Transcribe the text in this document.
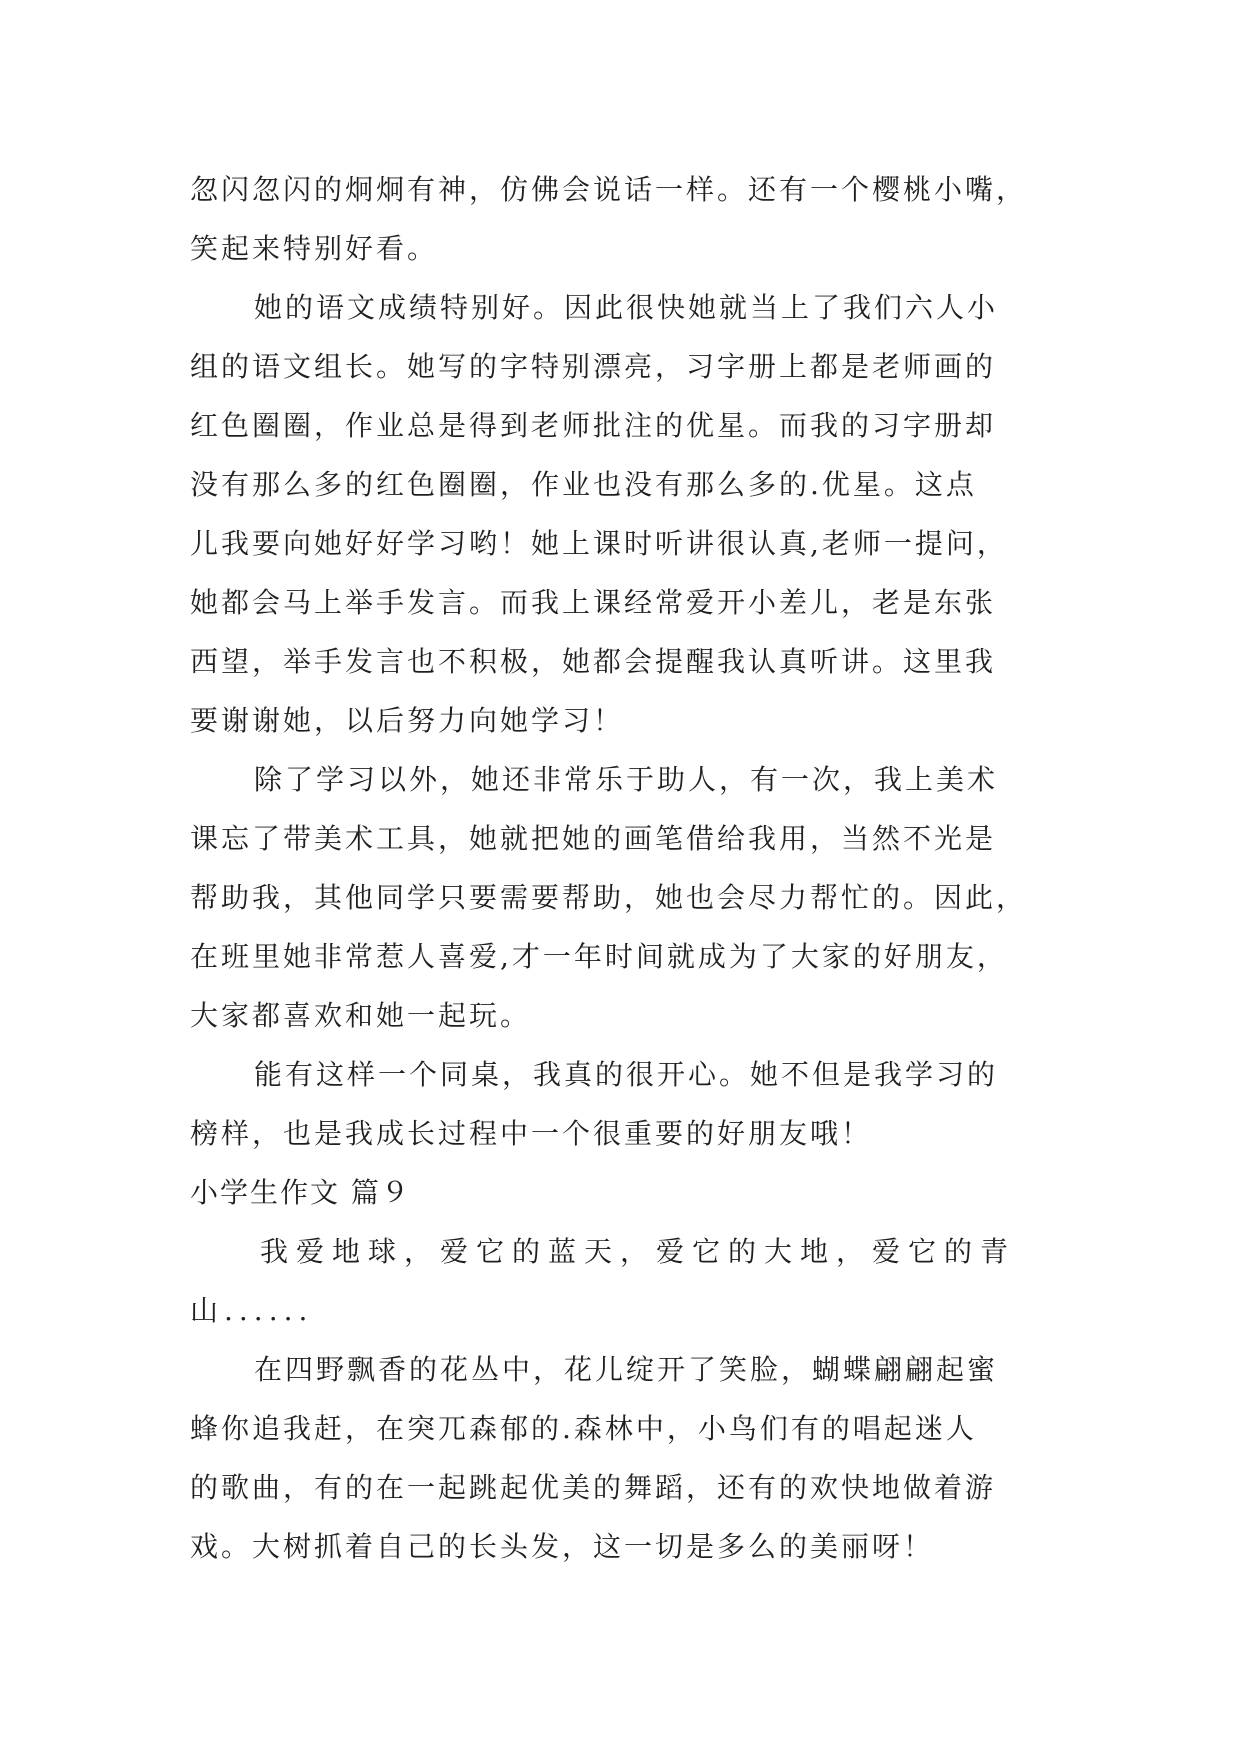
忽闪忽闪的炯炯有神，仿佛会说话一样。还有一个樱桃小嘴，
笑起来特别好看。
她的语文成绩特别好。因此很快她就当上了我们六人小
组的语文组长。她写的字特别漂亮，习字册上都是老师画的
红色圈圈，作业总是得到老师批注的优星。而我的习字册却
没有那么多的红色圈圈，作业也没有那么多的.优星。这点
儿我要向她好好学习哟！她上课时听讲很认真,老师一提问，
她都会马上举手发言。而我上课经常爱开小差儿，老是东张
西望，举手发言也不积极，她都会提醒我认真听讲。这里我
要谢谢她，以后努力向她学习！
除了学习以外，她还非常乐于助人，有一次，我上美术
课忘了带美术工具，她就把她的画笔借给我用，当然不光是
帮助我，其他同学只要需要帮助，她也会尽力帮忙的。因此，
在班里她非常惹人喜爱,才一年时间就成为了大家的好朋友，
大家都喜欢和她一起玩。
能有这样一个同桌，我真的很开心。她不但是我学习的
榜样，也是我成长过程中一个很重要的好朋友哦！
小学生作文 篇９
我爱地球，爱它的蓝天，爱它的大地，爱它的青
山......
在四野飘香的花丛中，花儿绽开了笑脸，蝴蝶翩翩起蜜
蜂你追我赶，在突兀森郁的.森林中，小鸟们有的唱起迷人
的歌曲，有的在一起跳起优美的舞蹈，还有的欢快地做着游
戏。大树抓着自己的长头发，这一切是多么的美丽呀！
